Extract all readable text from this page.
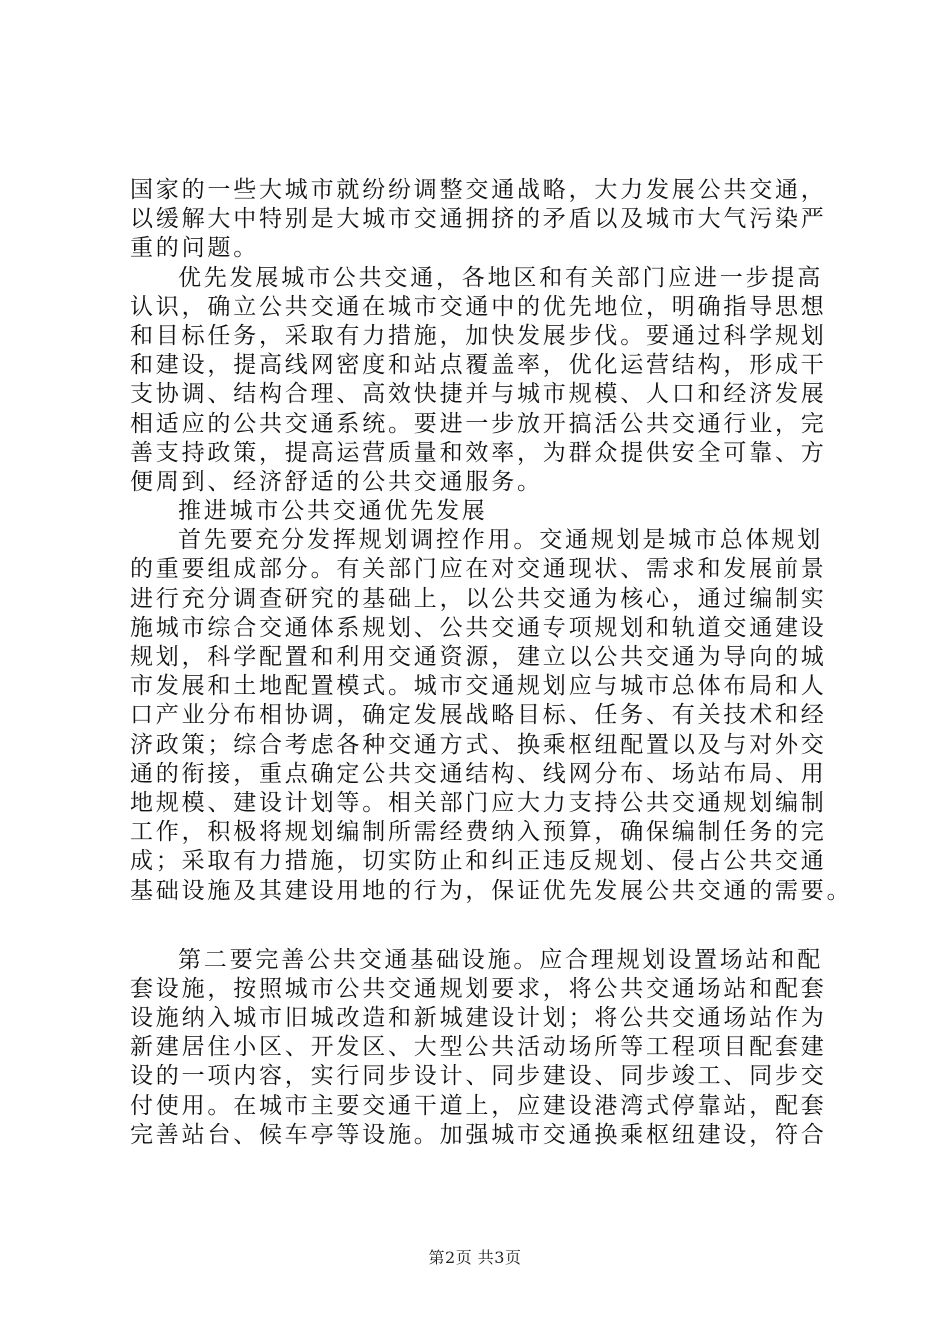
国家的一些大城市就纷纷调整交通战略，大力发展公共交通，
以缓解大中特别是大城市交通拥挤的矛盾以及城市大气污染严
重的问题。
优先发展城市公共交通，各地区和有关部门应进一步提高
认识，确立公共交通在城市交通中的优先地位，明确指导思想
和目标任务，采取有力措施，加快发展步伐。要通过科学规划
和建设，提高线网密度和站点覆盖率，优化运营结构，形成干
支协调、结构合理、高效快捷并与城市规模、人口和经济发展
相适应的公共交通系统。要进一步放开搞活公共交通行业，完
善支持政策，提高运营质量和效率，为群众提供安全可靠、方
便周到、经济舒适的公共交通服务。
推进城市公共交通优先发展
首先要充分发挥规划调控作用。交通规划是城市总体规划
的重要组成部分。有关部门应在对交通现状、需求和发展前景
进行充分调查研究的基础上，以公共交通为核心，通过编制实
施城市综合交通体系规划、公共交通专项规划和轨道交通建设
规划，科学配置和利用交通资源，建立以公共交通为导向的城
市发展和土地配置模式。城市交通规划应与城市总体布局和人
口产业分布相协调，确定发展战略目标、任务、有关技术和经
济政策；综合考虑各种交通方式、换乘枢纽配置以及与对外交
通的衔接，重点确定公共交通结构、线网分布、场站布局、用
地规模、建设计划等。相关部门应大力支持公共交通规划编制
工作，积极将规划编制所需经费纳入预算，确保编制任务的完
成；采取有力措施，切实防止和纠正违反规划、侵占公共交通
基础设施及其建设用地的行为，保证优先发展公共交通的需要。
第二要完善公共交通基础设施。应合理规划设置场站和配
套设施，按照城市公共交通规划要求，将公共交通场站和配套
设施纳入城市旧城改造和新城建设计划；将公共交通场站作为
新建居住小区、开发区、大型公共活动场所等工程项目配套建
设的一项内容，实行同步设计、同步建设、同步竣工、同步交
付使用。在城市主要交通干道上，应建设港湾式停靠站，配套
完善站台、候车亭等设施。加强城市交通换乘枢纽建设，符合
第2页 共3页
